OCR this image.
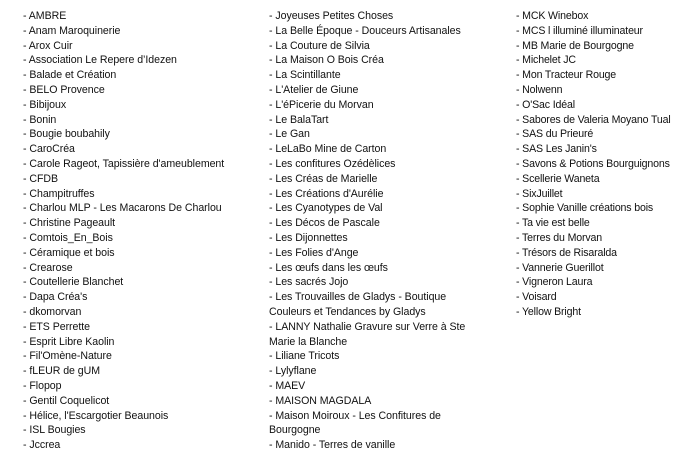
- AMBRE
- Anam Maroquinerie
- Arox Cuir
- Association Le Repere d’Idezen
- Balade et Création
- BELO Provence
- Bibijoux
- Bonin
- Bougie boubahily
- CaroCréa
- Carole Rageot, Tapissière d'ameublement
- CFDB
- Champitruffes
- Charlou MLP - Les Macarons De Charlou
- Christine Pageault
- Comtois_En_Bois
- Céramique et bois
- Crearose
- Coutellerie Blanchet
- Dapa Créa's
- dkomorvan
- ETS Perrette
- Esprit Libre Kaolin
- Fil'Omène-Nature
- fLEUR de gUM
- Flopop
- Gentil Coquelicot
- Hélice, l'Escargotier Beaunois
- ISL Bougies
- Jccrea
- Joyeuses Petites Choses
- La Belle Époque - Douceurs Artisanales
- La Couture de Silvia
- La Maison O Bois Créa
- La Scintillante
- L'Atelier de Giune
- L'éPicerie du Morvan
- Le BalaTart
- Le Gan
- LeLaBo Mine de Carton
- Les confitures Ozédèlices
- Les Créas de Marielle
- Les Créations d'Aurélie
- Les Cyanotypes de Val
- Les Décos de Pascale
- Les Dijonnettes
- Les Folies d'Ange
- Les œufs dans les œufs
- Les sacrés Jojo
- Les Trouvailles de Gladys - Boutique
Couleurs et Tendances by Gladys
- LANNY Nathalie Gravure sur Verre à Ste
Marie la Blanche
- Liliane Tricots
- Lylyflane
- MAEV
- MAISON MAGDALA
- Maison Moiroux - Les Confitures de
Bourgogne
- Manido - Terres de vanille
- MCK Winebox
- MCS l illuminé illuminateur
- MB Marie de Bourgogne
- Michelet JC
- Mon Tracteur Rouge
- Nolwenn
- O'Sac Idéal
- Sabores de Valeria Moyano Tual
- SAS du Prieuré
- SAS Les Janin's
- Savons & Potions Bourguignons
- Scellerie Waneta
- SixJuillet
- Sophie Vanille créations bois
- Ta vie est belle
- Terres du Morvan
- Trésors de Risaralda
- Vannerie Guerillot
- Vigneron Laura
- Voisard
- Yellow Bright
